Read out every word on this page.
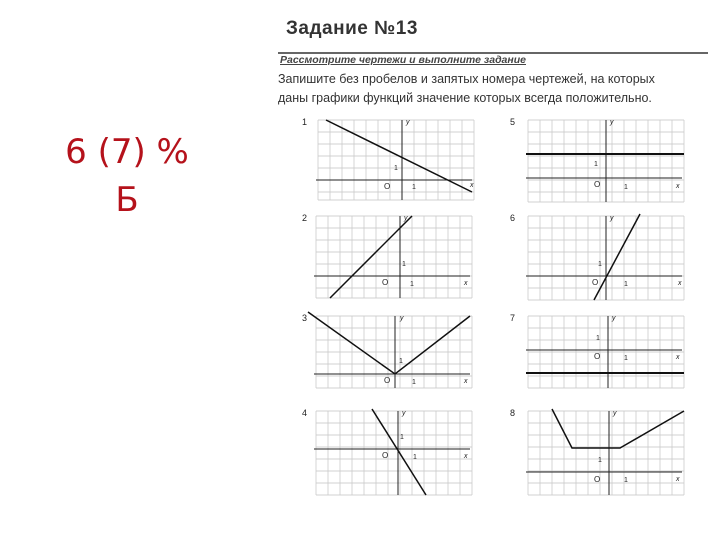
6 (7) %
Б
Задание №13
Рассмотрите чертежи и выполните задание
Запишите без пробелов и запятых номера чертежей, на которых
даны графики функций значение которых всегда положительно.
1
x
y
O	1
1
2
x
y
O	1
1
3
x
y
O	1
1
4
x
y
O	1
1
5
x
y
O	1
1
6
x
y
O	1
1
7
x
y
O	1
1
8
x
y
O	1
1
